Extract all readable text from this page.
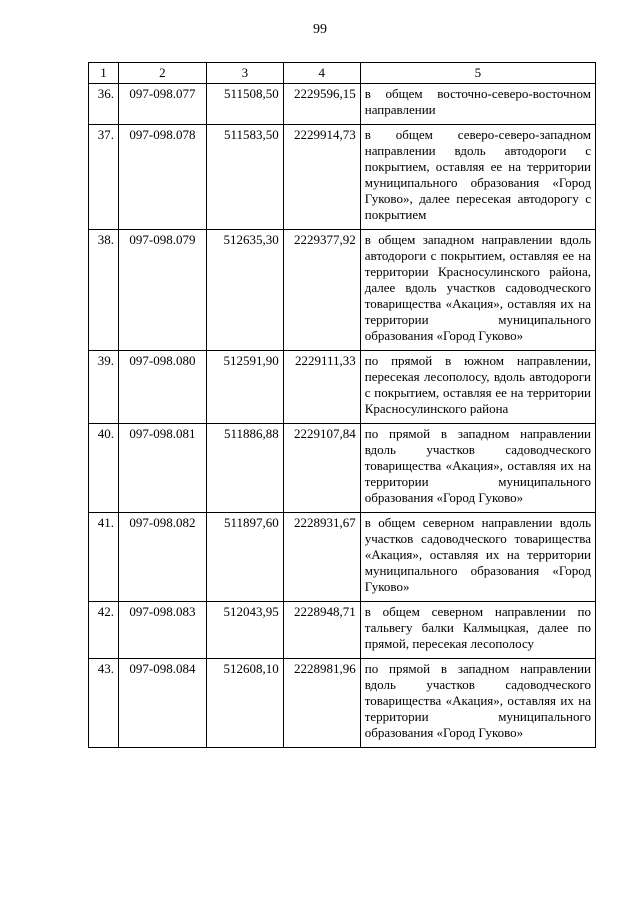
99
1	2	3	4	5
36.	097-098.077	511508,50	2229596,15	в общем восточно-северо-восточном направлении
37.	097-098.078	511583,50	2229914,73	в общем северо-северо-западном направлении вдоль автодороги с покрытием, оставляя ее на территории муниципального образования «Город Гуково», далее пересекая автодорогу с покрытием
38.	097-098.079	512635,30	2229377,92	в общем западном направлении вдоль автодороги с покрытием, оставляя ее на территории Красносулинского района, далее вдоль участков садоводческого товарищества «Акация», оставляя их на территории муниципального образования «Город Гуково»
39.	097-098.080	512591,90	2229111,33	по прямой в южном направлении, пересекая лесополосу, вдоль автодороги с покрытием, оставляя ее на территории Красносулинского района
40.	097-098.081	511886,88	2229107,84	по прямой в западном направлении вдоль участков садоводческого товарищества «Акация», оставляя их на территории муниципального образования «Город Гуково»
41.	097-098.082	511897,60	2228931,67	в общем северном направлении вдоль участков садоводческого товарищества «Акация», оставляя их на территории муниципального образования «Город Гуково»
42.	097-098.083	512043,95	2228948,71	в общем северном направлении по тальвегу балки Калмыцкая, далее по прямой, пересекая лесополосу
43.	097-098.084	512608,10	2228981,96	по прямой в западном направлении вдоль участков садоводческого товарищества «Акация», оставляя их на территории муниципального образования «Город Гуково»
